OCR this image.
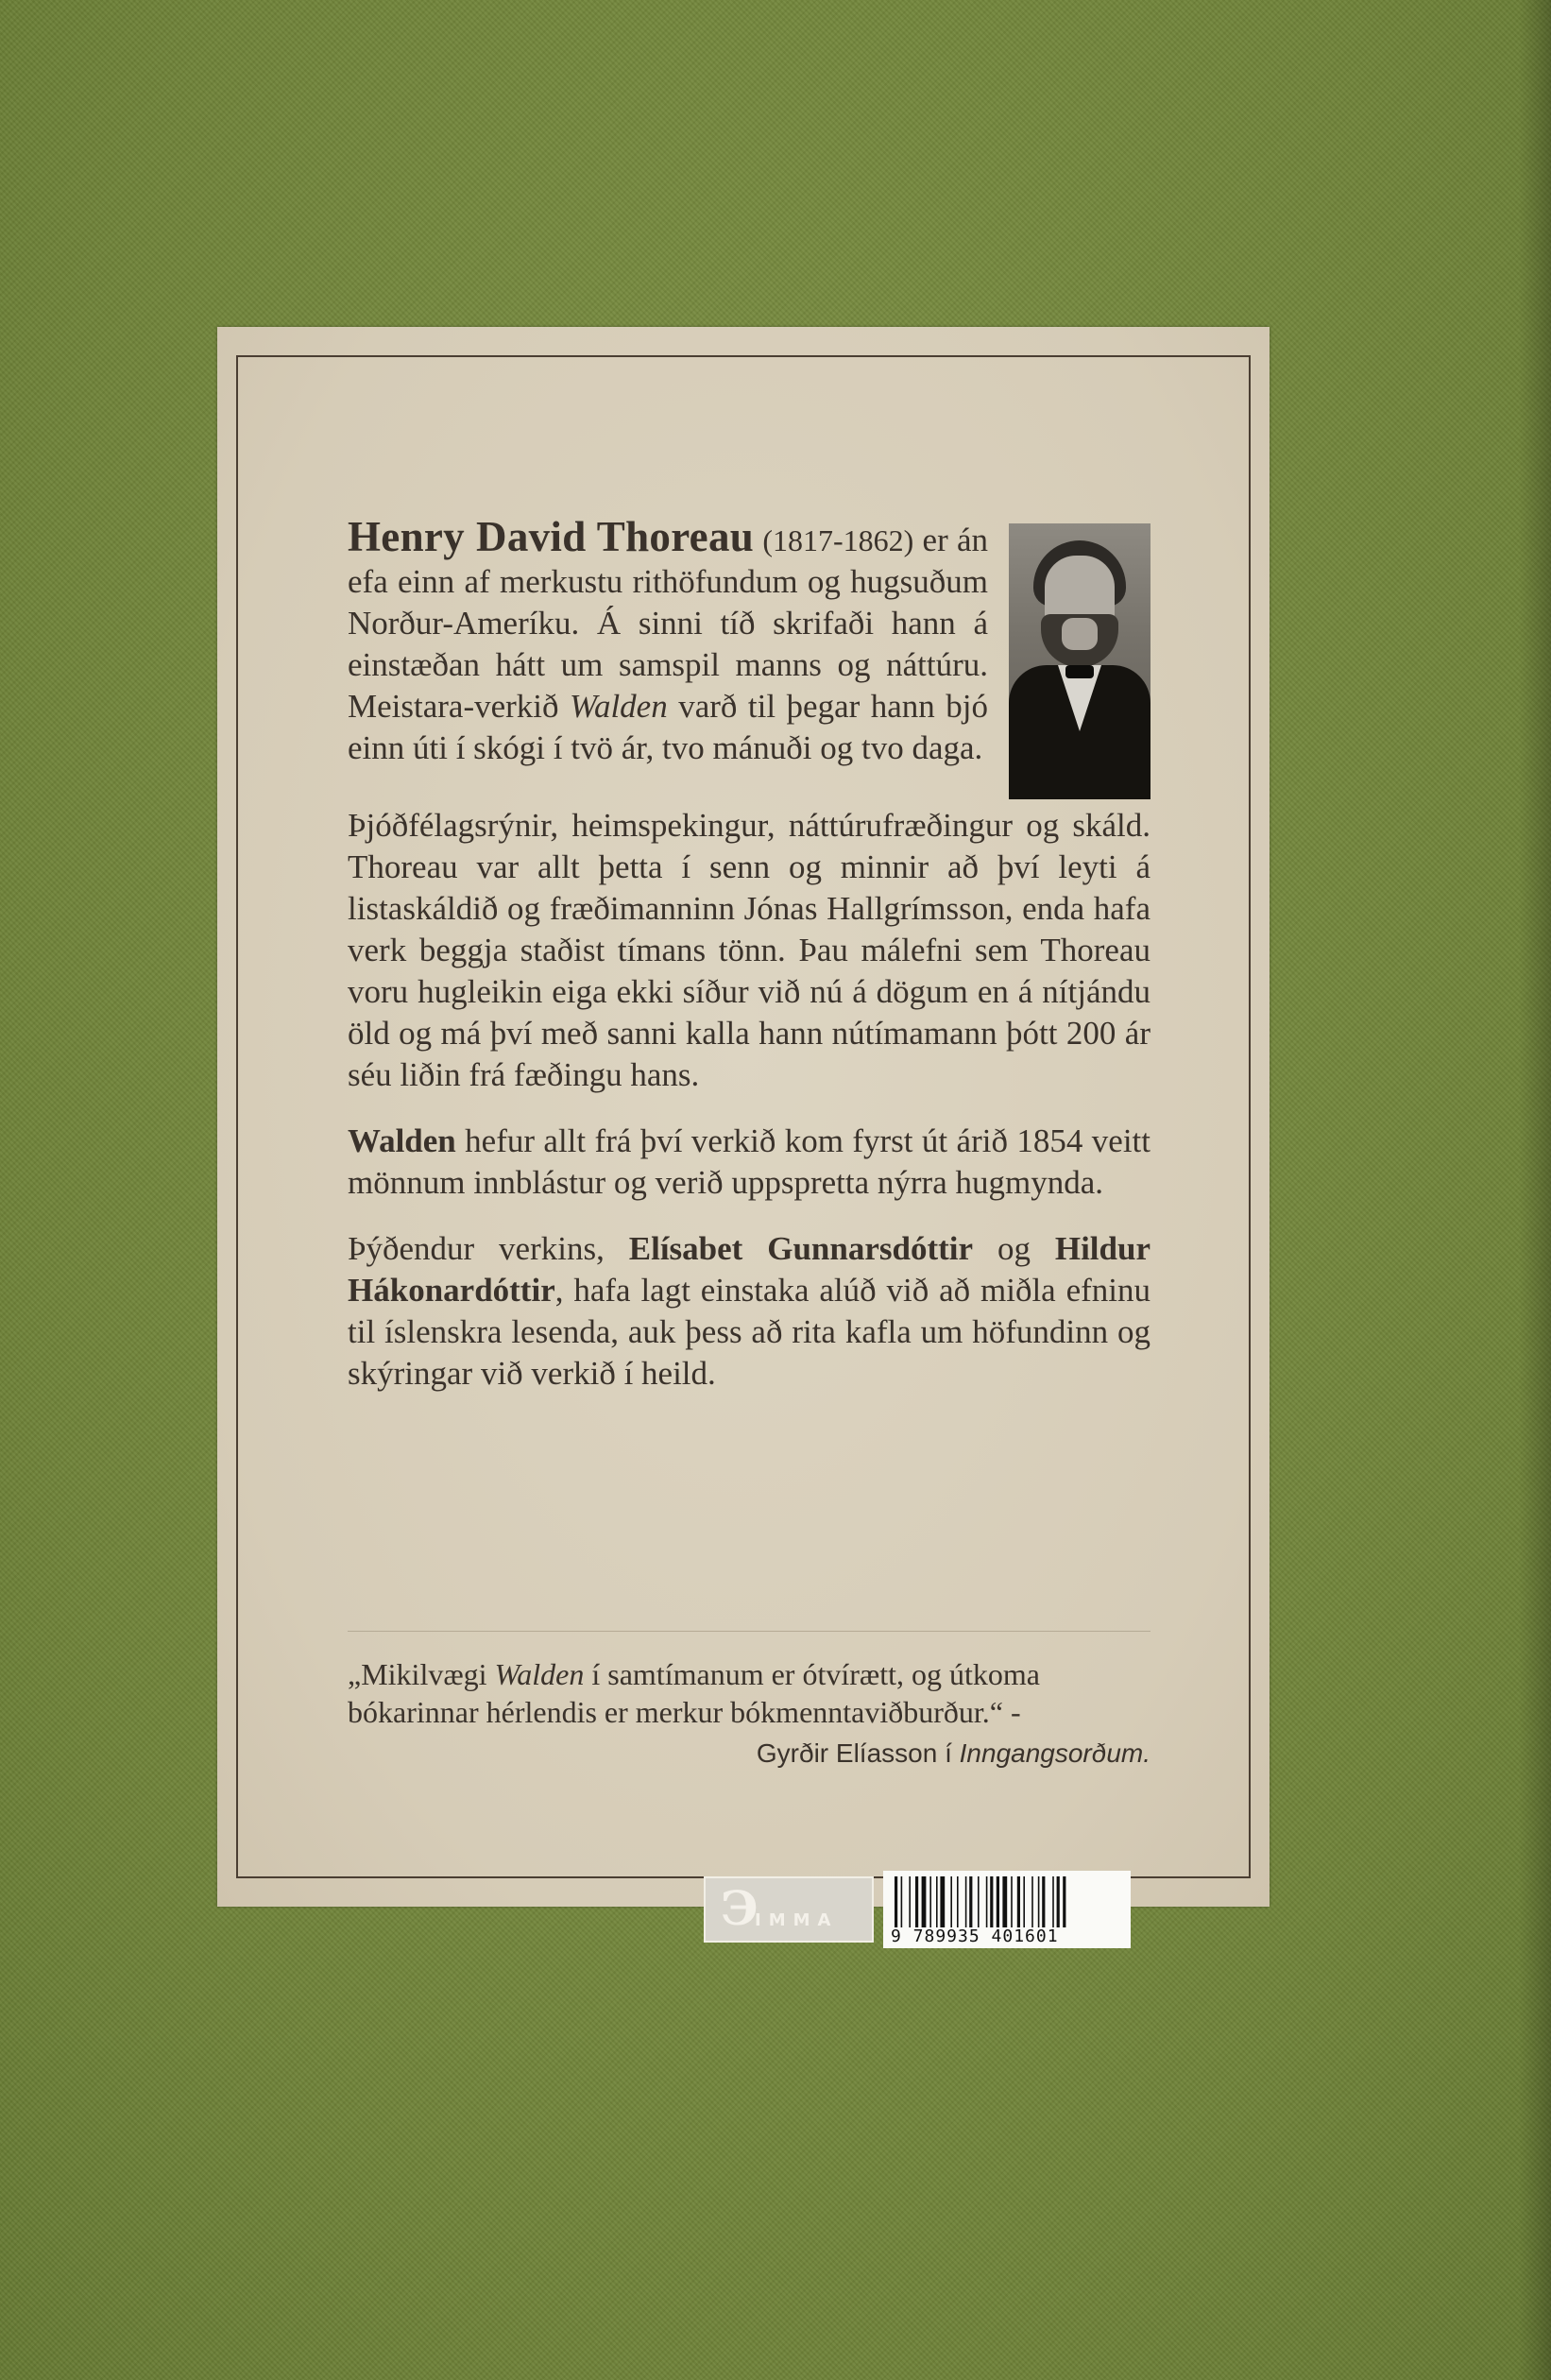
Henry David Thoreau (1817-1862) er án efa einn af merkustu rithöfundum og hugsuðum Norður-Ameríku. Á sinni tíð skrifaði hann á einstæðan hátt um samspil manns og náttúru. Meistara-verkið Walden varð til þegar hann bjó einn úti í skógi í tvö ár, tvo mánuði og tvo daga.

Þjóðfélagsrýnir, heimspekingur, náttúrufræðingur og skáld. Thoreau var allt þetta í senn og minnir að því leyti á listaskáldið og fræðimanninn Jónas Hallgrímsson, enda hafa verk beggja staðist tímans tönn. Þau málefni sem Thoreau voru hugleikin eiga ekki síður við nú á dögum en á nítjándu öld og má því með sanni kalla hann nútímamann þótt 200 ár séu liðin frá fæðingu hans.

Walden hefur allt frá því verkið kom fyrst út árið 1854 veitt mönnum innblástur og verið uppspretta nýrra hugmynda.

Þýðendur verkins, Elísabet Gunnarsdóttir og Hildur Hákonardóttir, hafa lagt einstaka alúð við að miðla efninu til íslenskra lesenda, auk þess að rita kafla um höfundinn og skýringar við verkið í heild.

„Mikilvægi Walden í samtímanum er ótvírætt, og útkoma bókarinnar hérlendis er merkur bókmenntaviðburður.“ -
Gyrðir Elíasson í Inngangsorðum.
Э
IMMA
9 789935 401601
